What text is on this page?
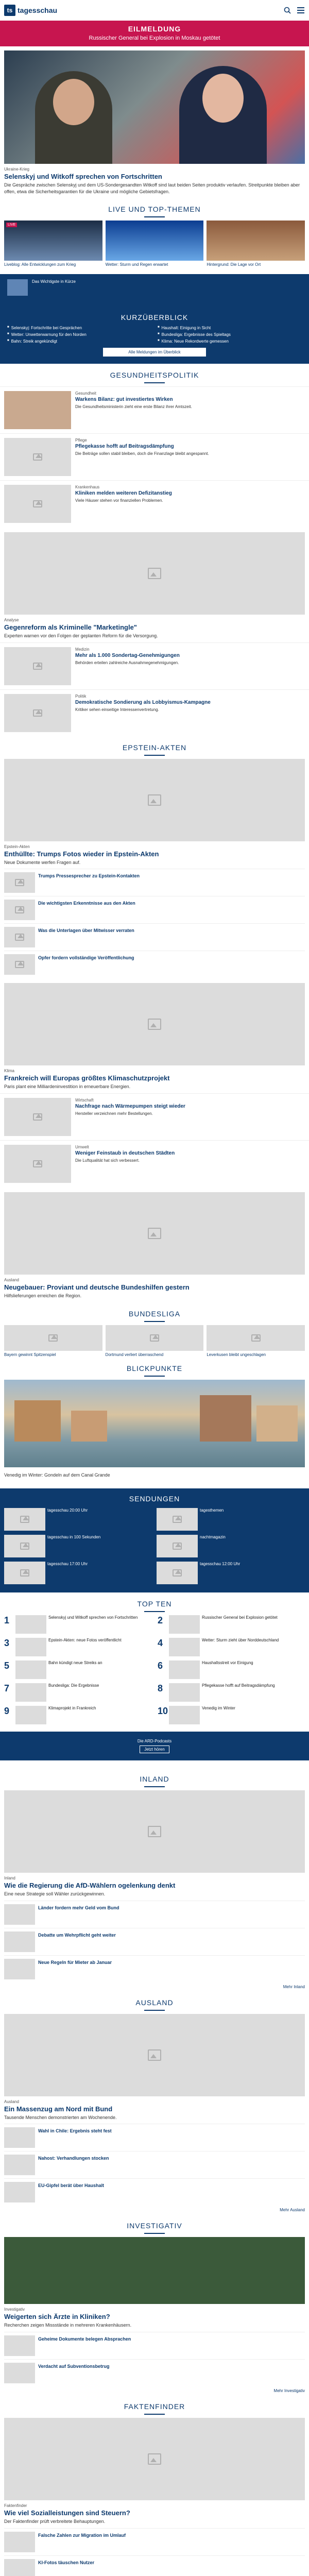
ts tagesschau
EILMELDUNG
Russischer General bei Explosion in Moskau getötet
Ukraine-Krieg
Selenskyj und Witkoff sprechen von Fortschritten
Die Gespräche zwischen Selenskyj und dem US-Sondergesandten Witkoff sind laut beiden Seiten produktiv verlaufen. Streitpunkte bleiben aber offen, etwa die Sicherheitsgarantien für die Ukraine und mögliche Gebietsfragen.
LIVE UND TOP-THEMEN
LIVE
Liveblog: Alle Entwicklungen zum Krieg	Wetter: Sturm und Regen erwartet	Hintergrund: Die Lage vor Ort
Das Wichtigste in Kürze
KURZÜBERBLICK
■ Selenskyj: Fortschritte bei Gesprächen	■ Haushalt: Einigung in Sicht
■ Wetter: Unwetterwarnung für den Norden	■ Bundesliga: Ergebnisse des Spieltags
■ Bahn: Streik angekündigt	■ Klima: Neue Rekordwerte gemessen
Alle Meldungen im Überblick
GESUNDHEITSPOLITIK
Gesundheit
Warkens Bilanz: gut investiertes Wirken
Die Gesundheitsministerin zieht eine erste Bilanz ihrer Amtszeit.
Pflege
Pflegekasse hofft auf Beitragsdämpfung
Die Beiträge sollen stabil bleiben, doch die Finanzlage bleibt angespannt.
Krankenhaus
Kliniken melden weiteren Defizitanstieg
Viele Häuser stehen vor finanziellen Problemen.
Analyse
Gegenreform als Kriminelle "Marketingle"
Experten warnen vor den Folgen der geplanten Reform für die Versorgung.
Medizin
Mehr als 1.000 Sondertag-Genehmigungen
Behörden erteilen zahlreiche Ausnahmegenehmigungen.
Politik
Demokratische Sondierung als Lobbyismus-Kampagne
Kritiker sehen einseitige Interessenvertretung.
EPSTEIN-AKTEN
Epstein-Akten
Enthüllte: Trumps Fotos wieder in Epstein-Akten
Neue Dokumente werfen Fragen auf.
Trumps Pressesprecher zu Epstein-Kontakten
Die wichtigsten Erkenntnisse aus den Akten
Was die Unterlagen über Mitwisser verraten
Opfer fordern vollständige Veröffentlichung
Klima
Frankreich will Europas größtes Klimaschutzprojekt
Paris plant eine Milliardeninvestition in erneuerbare Energien.
Wirtschaft
Nachfrage nach Wärmepumpen steigt wieder
Hersteller verzeichnen mehr Bestellungen.
Umwelt
Weniger Feinstaub in deutschen Städten
Die Luftqualität hat sich verbessert.
Ausland
Neugebauer: Proviant und deutsche Bundeshilfen gestern
Hilfslieferungen erreichen die Region.
BUNDESLIGA
Bayern gewinnt Spitzenspiel	Dortmund verliert überraschend	Leverkusen bleibt ungeschlagen
BLICKPUNKTE
Venedig im Winter: Gondeln auf dem Canal Grande
SENDUNGEN
tagesschau 20:00 Uhr	tagesthemen
tagesschau in 100 Sekunden	nachtmagazin
tagesschau 17:00 Uhr	tagesschau 12:00 Uhr
TOP TEN
1	Selenskyj und Witkoff sprechen von Fortschritten 2	Russischer General bei Explosion getötet
3	Epstein-Akten: neue Fotos veröffentlicht	4	Wetter: Sturm zieht über Norddeutschland
5	Bahn kündigt neue Streiks an	6	Haushaltsstreit vor Einigung
7	Bundesliga: Die Ergebnisse	8	Pflegekasse hofft auf Beitragsdämpfung
9	Klimaprojekt in Frankreich	10	Venedig im Winter
Die ARD-Podcasts
Jetzt hören
INLAND
Inland
Wie die Regierung die AfD-Wählern ogelenkung denkt
Eine neue Strategie soll Wähler zurückgewinnen.
Länder fordern mehr Geld vom Bund
Debatte um Wehrpflicht geht weiter
Neue Regeln für Mieter ab Januar
Mehr Inland
AUSLAND
Ausland
Ein Massenzug am Nord mit Bund
Tausende Menschen demonstrierten am Wochenende.
Wahl in Chile: Ergebnis steht fest
Nahost: Verhandlungen stocken
EU-Gipfel berät über Haushalt
Mehr Ausland
INVESTIGATIV
Investigativ
Weigerten sich Ärzte in Kliniken?
Recherchen zeigen Missstände in mehreren Krankenhäusern.
Geheime Dokumente belegen Absprachen
Verdacht auf Subventionsbetrug
Mehr Investigativ
FAKTENFINDER
Faktenfinder
Wie viel Sozialleistungen sind Steuern?
Der Faktenfinder prüft verbreitete Behauptungen.
Falsche Zahlen zur Migration im Umlauf
KI-Fotos täuschen Nutzer
